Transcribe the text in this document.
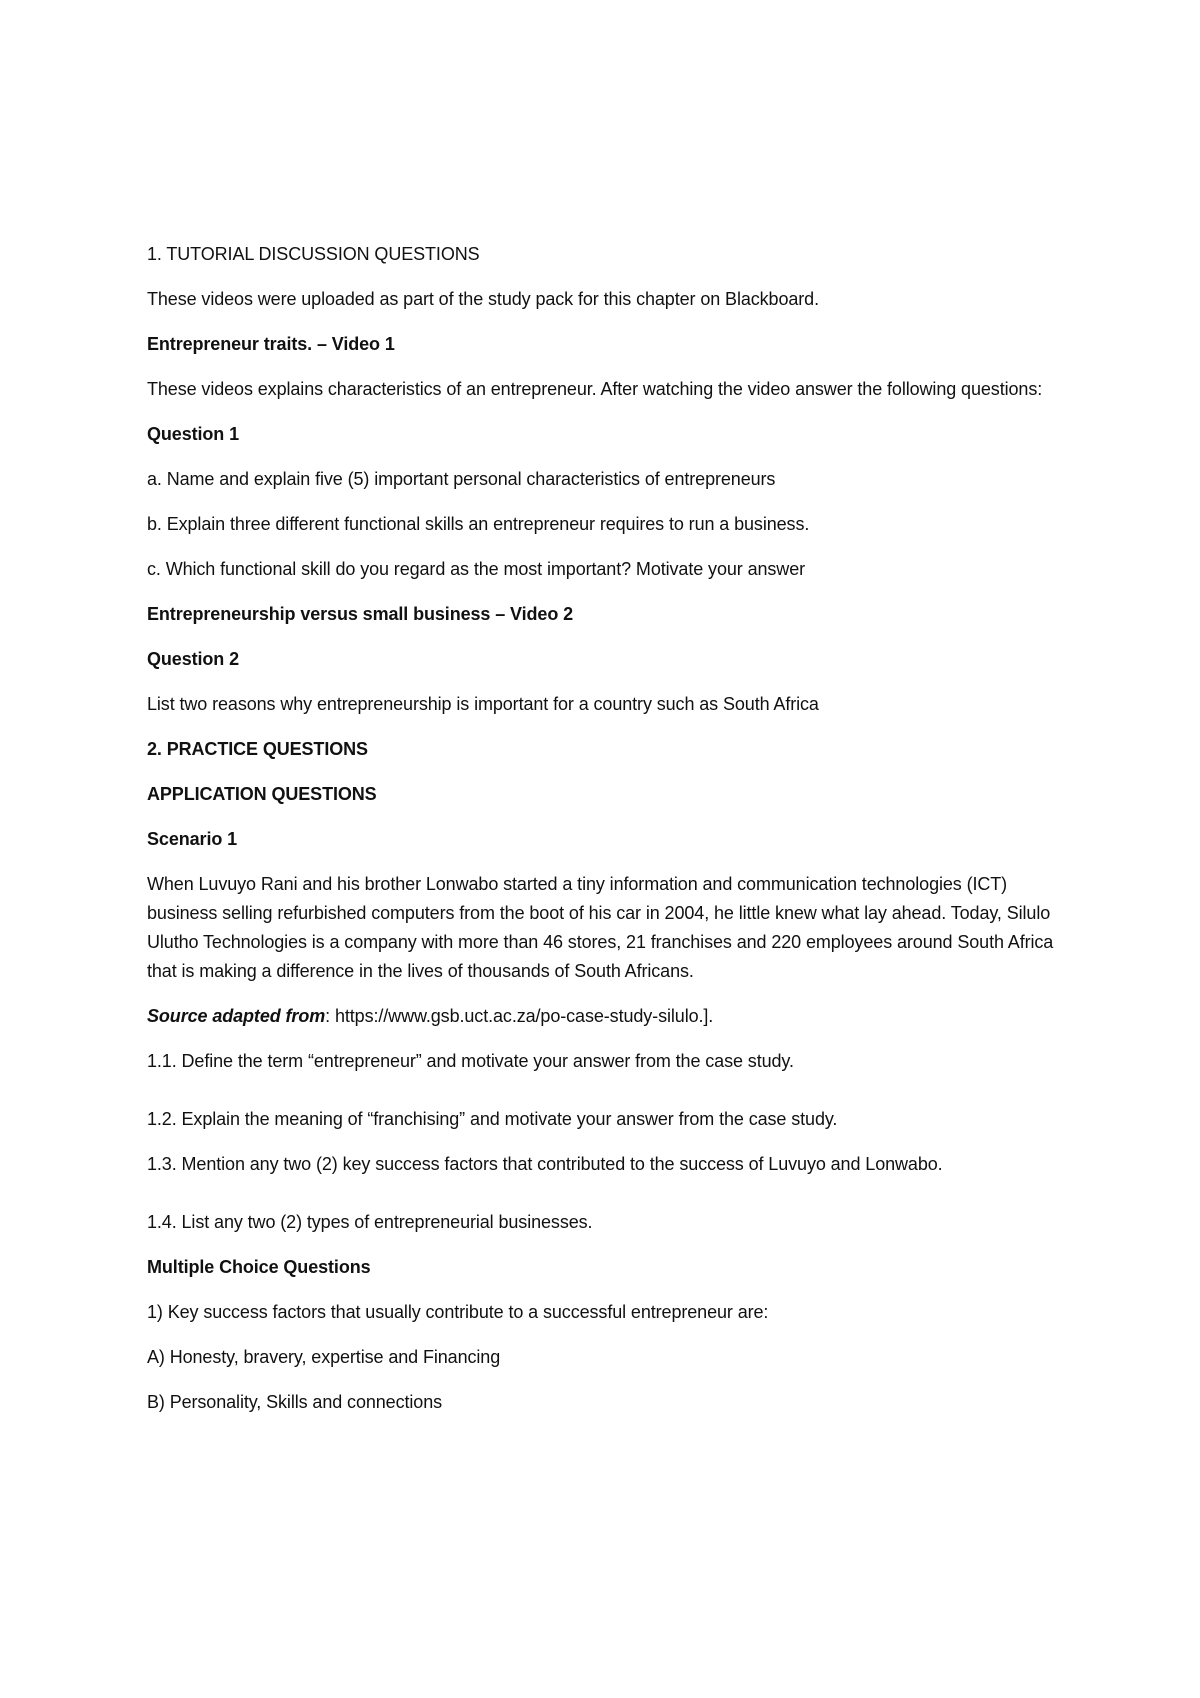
1. TUTORIAL DISCUSSION QUESTIONS

These videos were uploaded as part of the study pack for this chapter on Blackboard.

Entrepreneur traits. – Video 1

These videos explains characteristics of an entrepreneur. After watching the video answer the following questions:

Question 1

a. Name and explain five (5) important personal characteristics of entrepreneurs

b. Explain three different functional skills an entrepreneur requires to run a business.

c. Which functional skill do you regard as the most important? Motivate your answer

Entrepreneurship versus small business – Video 2

Question 2

List two reasons why entrepreneurship is important for a country such as South Africa

2. PRACTICE QUESTIONS

APPLICATION QUESTIONS

Scenario 1

When Luvuyo Rani and his brother Lonwabo started a tiny information and communication technologies (ICT) business selling refurbished computers from the boot of his car in 2004, he little knew what lay ahead. Today, Silulo Ulutho Technologies is a company with more than 46 stores, 21 franchises and 220 employees around South Africa that is making a difference in the lives of thousands of South Africans.

Source adapted from: https://www.gsb.uct.ac.za/po-case-study-silulo.].

1.1. Define the term “entrepreneur” and motivate your answer from the case study.

1.2. Explain the meaning of “franchising” and motivate your answer from the case study.

1.3. Mention any two (2) key success factors that contributed to the success of Luvuyo and Lonwabo.

1.4. List any two (2) types of entrepreneurial businesses.

Multiple Choice Questions

1) Key success factors that usually contribute to a successful entrepreneur are:

A) Honesty, bravery, expertise and Financing

B) Personality, Skills and connections
